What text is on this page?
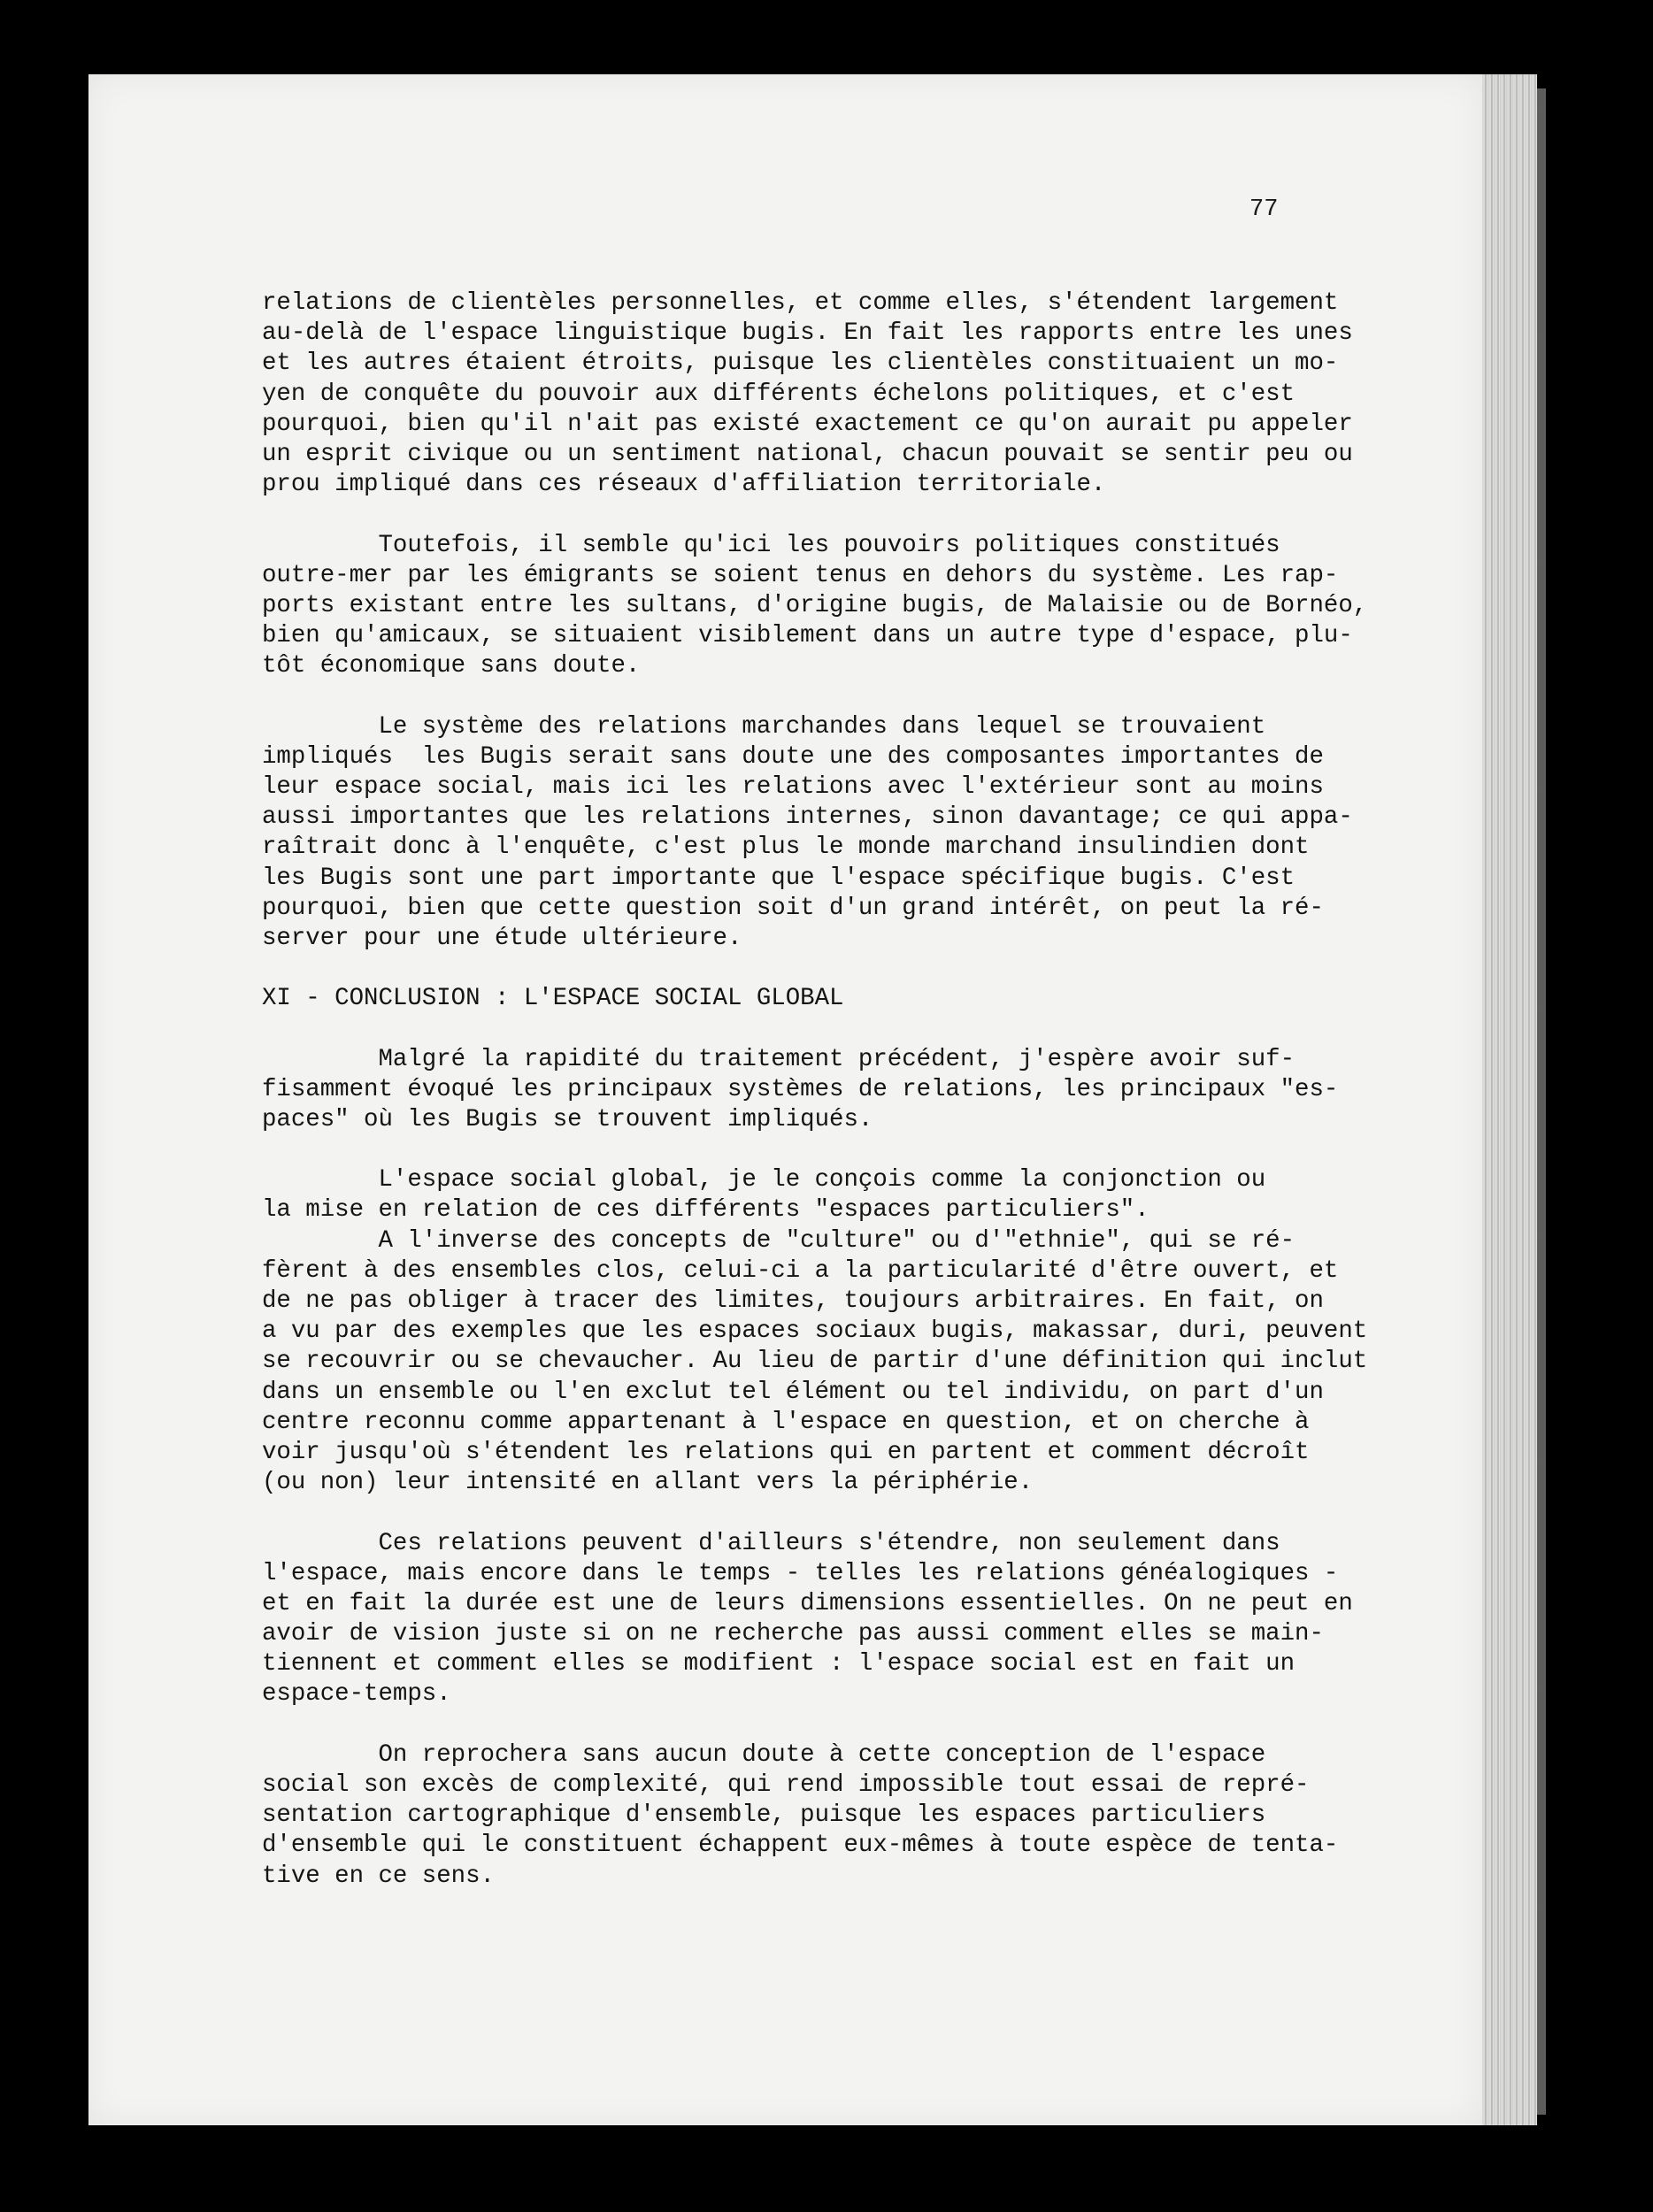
77
relations de clientèles personnelles, et comme elles, s'étendent largement
au-delà de l'espace linguistique bugis. En fait les rapports entre les unes
et les autres étaient étroits, puisque les clientèles constituaient un mo-
yen de conquête du pouvoir aux différents échelons politiques, et c'est
pourquoi, bien qu'il n'ait pas existé exactement ce qu'on aurait pu appeler
un esprit civique ou un sentiment national, chacun pouvait se sentir peu ou
prou impliqué dans ces réseaux d'affiliation territoriale.
Toutefois, il semble qu'ici les pouvoirs politiques constitués
outre-mer par les émigrants se soient tenus en dehors du système. Les rap-
ports existant entre les sultans, d'origine bugis, de Malaisie ou de Bornéo,
bien qu'amicaux, se situaient visiblement dans un autre type d'espace, plu-
tôt économique sans doute.
Le système des relations marchandes dans lequel se trouvaient
impliqués  les Bugis serait sans doute une des composantes importantes de
leur espace social, mais ici les relations avec l'extérieur sont au moins
aussi importantes que les relations internes, sinon davantage; ce qui appa-
raîtrait donc à l'enquête, c'est plus le monde marchand insulindien dont
les Bugis sont une part importante que l'espace spécifique bugis. C'est
pourquoi, bien que cette question soit d'un grand intérêt, on peut la ré-
server pour une étude ultérieure.
XI - CONCLUSION : L'ESPACE SOCIAL GLOBAL
Malgré la rapidité du traitement précédent, j'espère avoir suf-
fisamment évoqué les principaux systèmes de relations, les principaux "es-
paces" où les Bugis se trouvent impliqués.
L'espace social global, je le conçois comme la conjonction ou
la mise en relation de ces différents "espaces particuliers".
A l'inverse des concepts de "culture" ou d'"ethnie", qui se ré-
fèrent à des ensembles clos, celui-ci a la particularité d'être ouvert, et
de ne pas obliger à tracer des limites, toujours arbitraires. En fait, on
a vu par des exemples que les espaces sociaux bugis, makassar, duri, peuvent
se recouvrir ou se chevaucher. Au lieu de partir d'une définition qui inclut
dans un ensemble ou l'en exclut tel élément ou tel individu, on part d'un
centre reconnu comme appartenant à l'espace en question, et on cherche à
voir jusqu'où s'étendent les relations qui en partent et comment décroît
(ou non) leur intensité en allant vers la périphérie.
Ces relations peuvent d'ailleurs s'étendre, non seulement dans
l'espace, mais encore dans le temps - telles les relations généalogiques -
et en fait la durée est une de leurs dimensions essentielles. On ne peut en
avoir de vision juste si on ne recherche pas aussi comment elles se main-
tiennent et comment elles se modifient : l'espace social est en fait un
espace-temps.
On reprochera sans aucun doute à cette conception de l'espace
social son excès de complexité, qui rend impossible tout essai de repré-
sentation cartographique d'ensemble, puisque les espaces particuliers
d'ensemble qui le constituent échappent eux-mêmes à toute espèce de tenta-
tive en ce sens.
